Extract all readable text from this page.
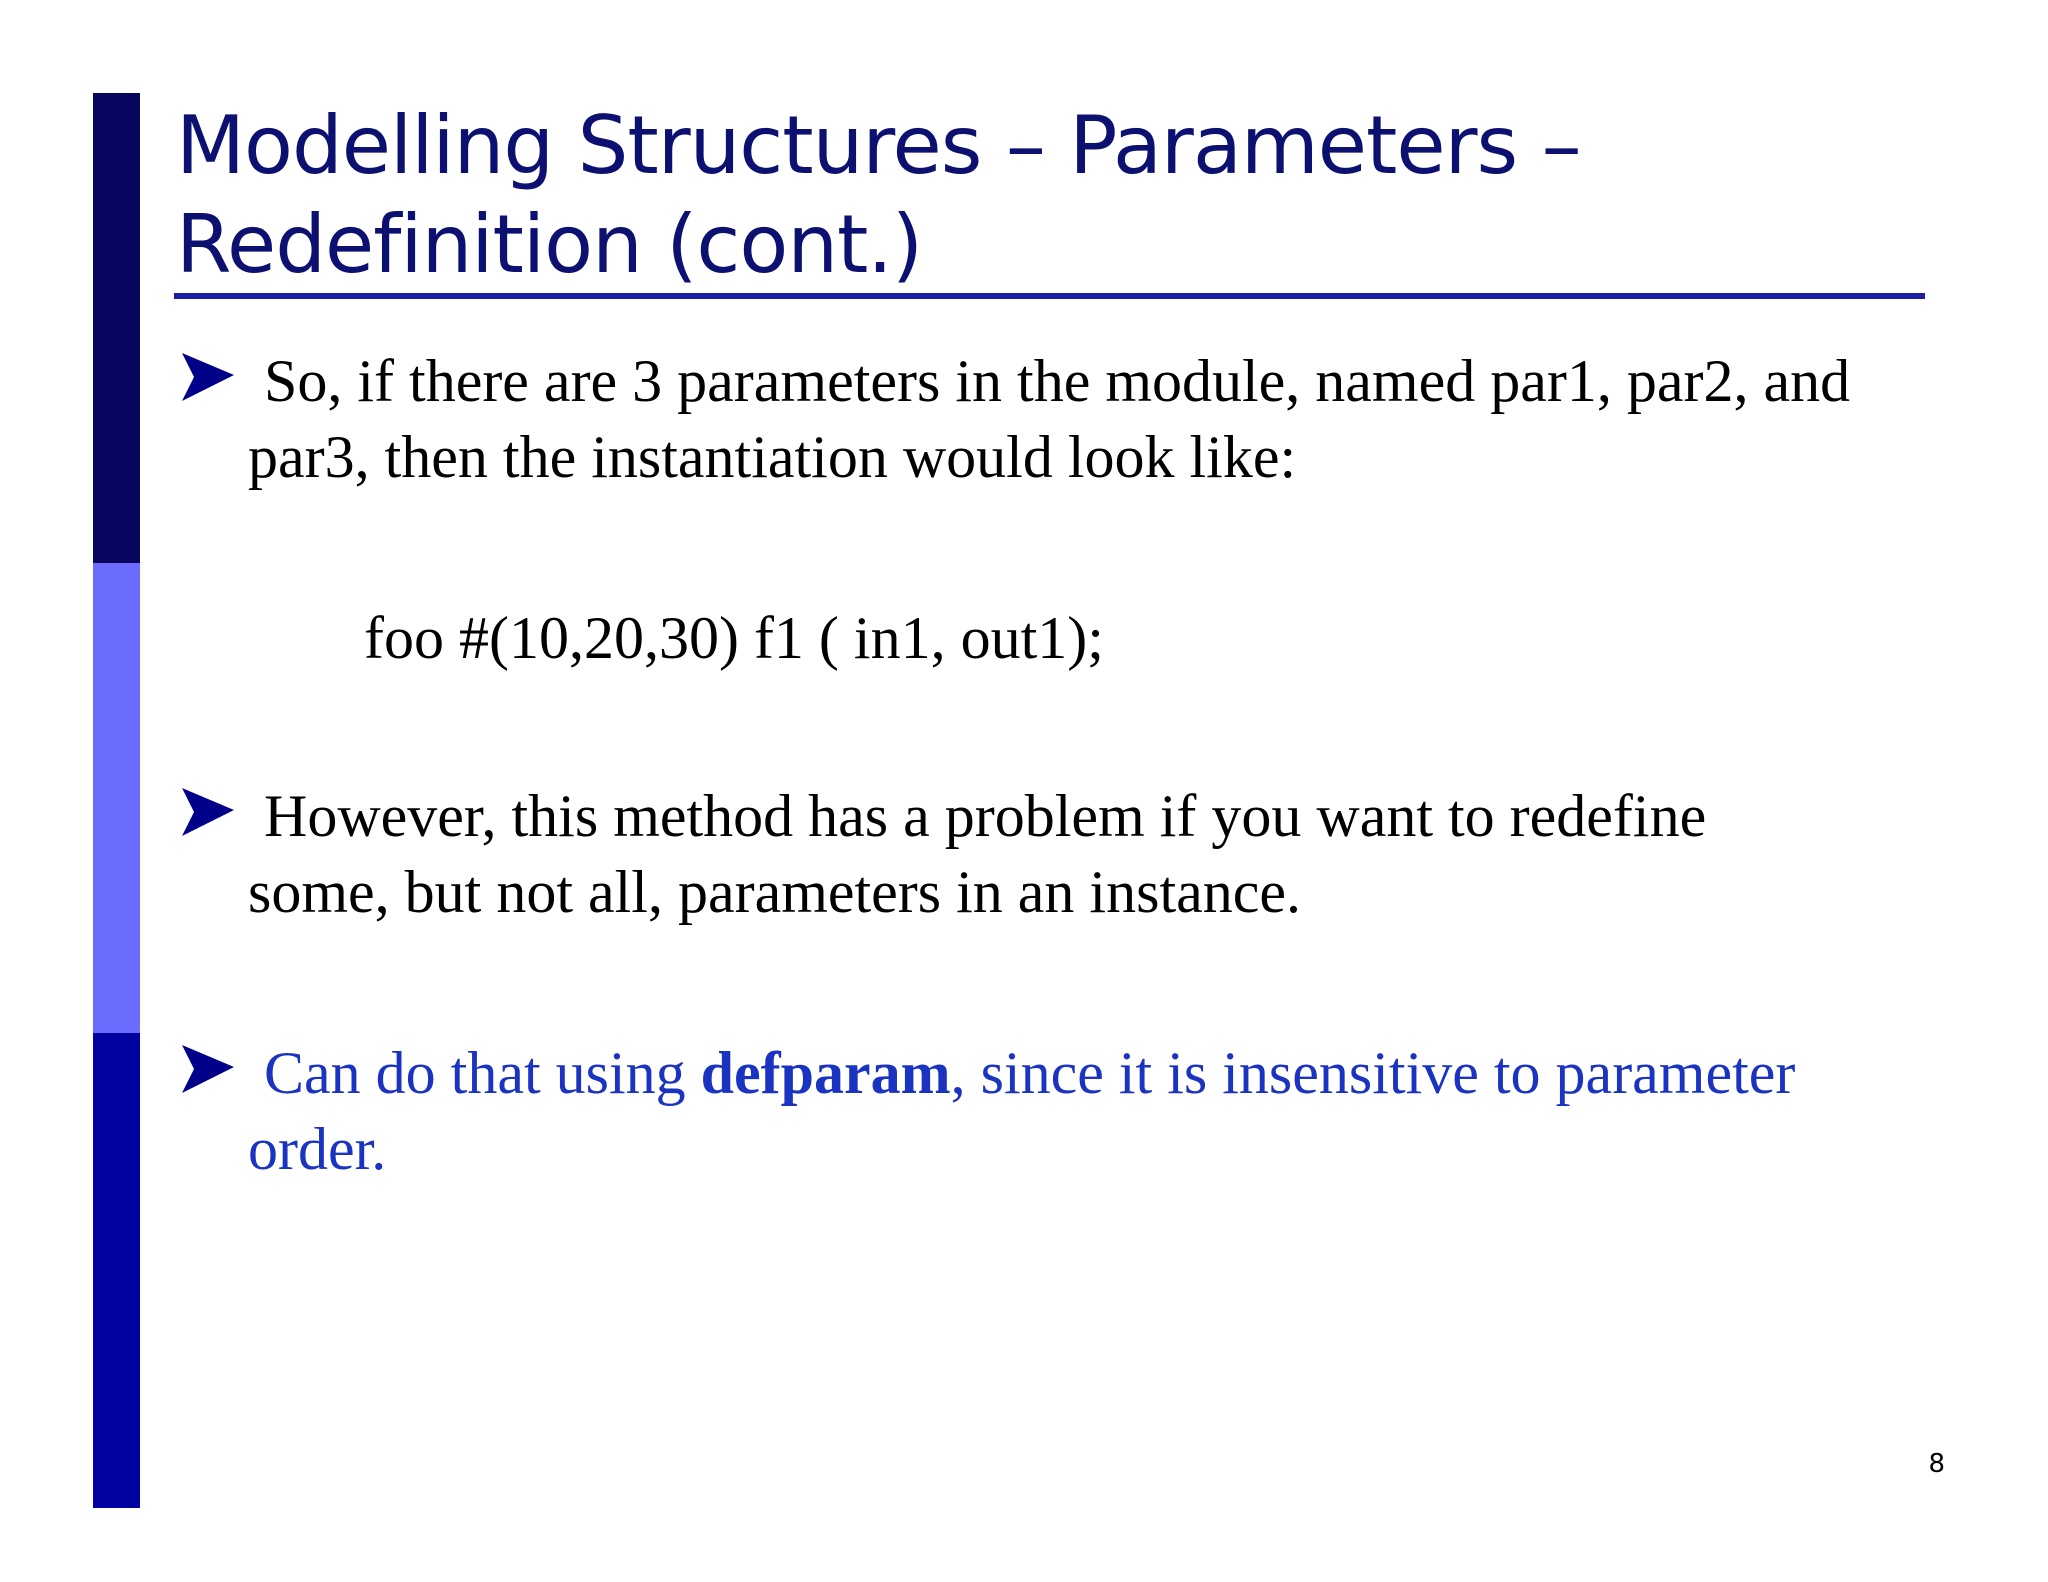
Modelling Structures – Parameters –
Redefinition (cont.)
So, if there are 3 parameters in the module, named par1, par2, and
par3, then the instantiation would look like:
foo #(10,20,30) f1 ( in1, out1);
However, this method has a problem if you want to redefine
some, but not all, parameters in an instance.
Can do that using defparam, since it is insensitive to parameter
order.
8
